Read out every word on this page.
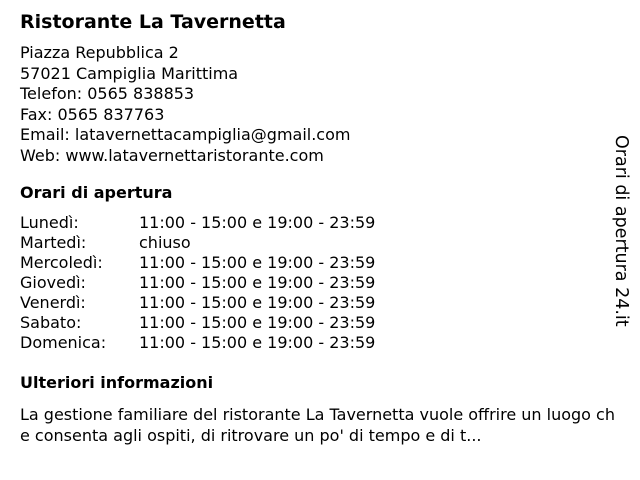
Ristorante La Tavernetta
Piazza Repubblica 2
57021 Campiglia Marittima
Telefon: 0565 838853
Fax: 0565 837763
Email: latavernettacampiglia@gmail.com
Web: www.latavernettaristorante.com
Orari di apertura
Lunedì:	11:00 - 15:00 e 19:00 - 23:59
Martedì:	chiuso
Mercoledì: 11:00 - 15:00 e 19:00 - 23:59
Giovedì:	11:00 - 15:00 e 19:00 - 23:59
Venerdì:	11:00 - 15:00 e 19:00 - 23:59
Sabato:	11:00 - 15:00 e 19:00 - 23:59
Domenica: 11:00 - 15:00 e 19:00 - 23:59
Ulteriori informazioni
La gestione familiare del ristorante La Tavernetta vuole offrire un luogo che consenta agli ospiti, di ritrovare un po' di tempo e di t...
Orari di apertura 24.it
